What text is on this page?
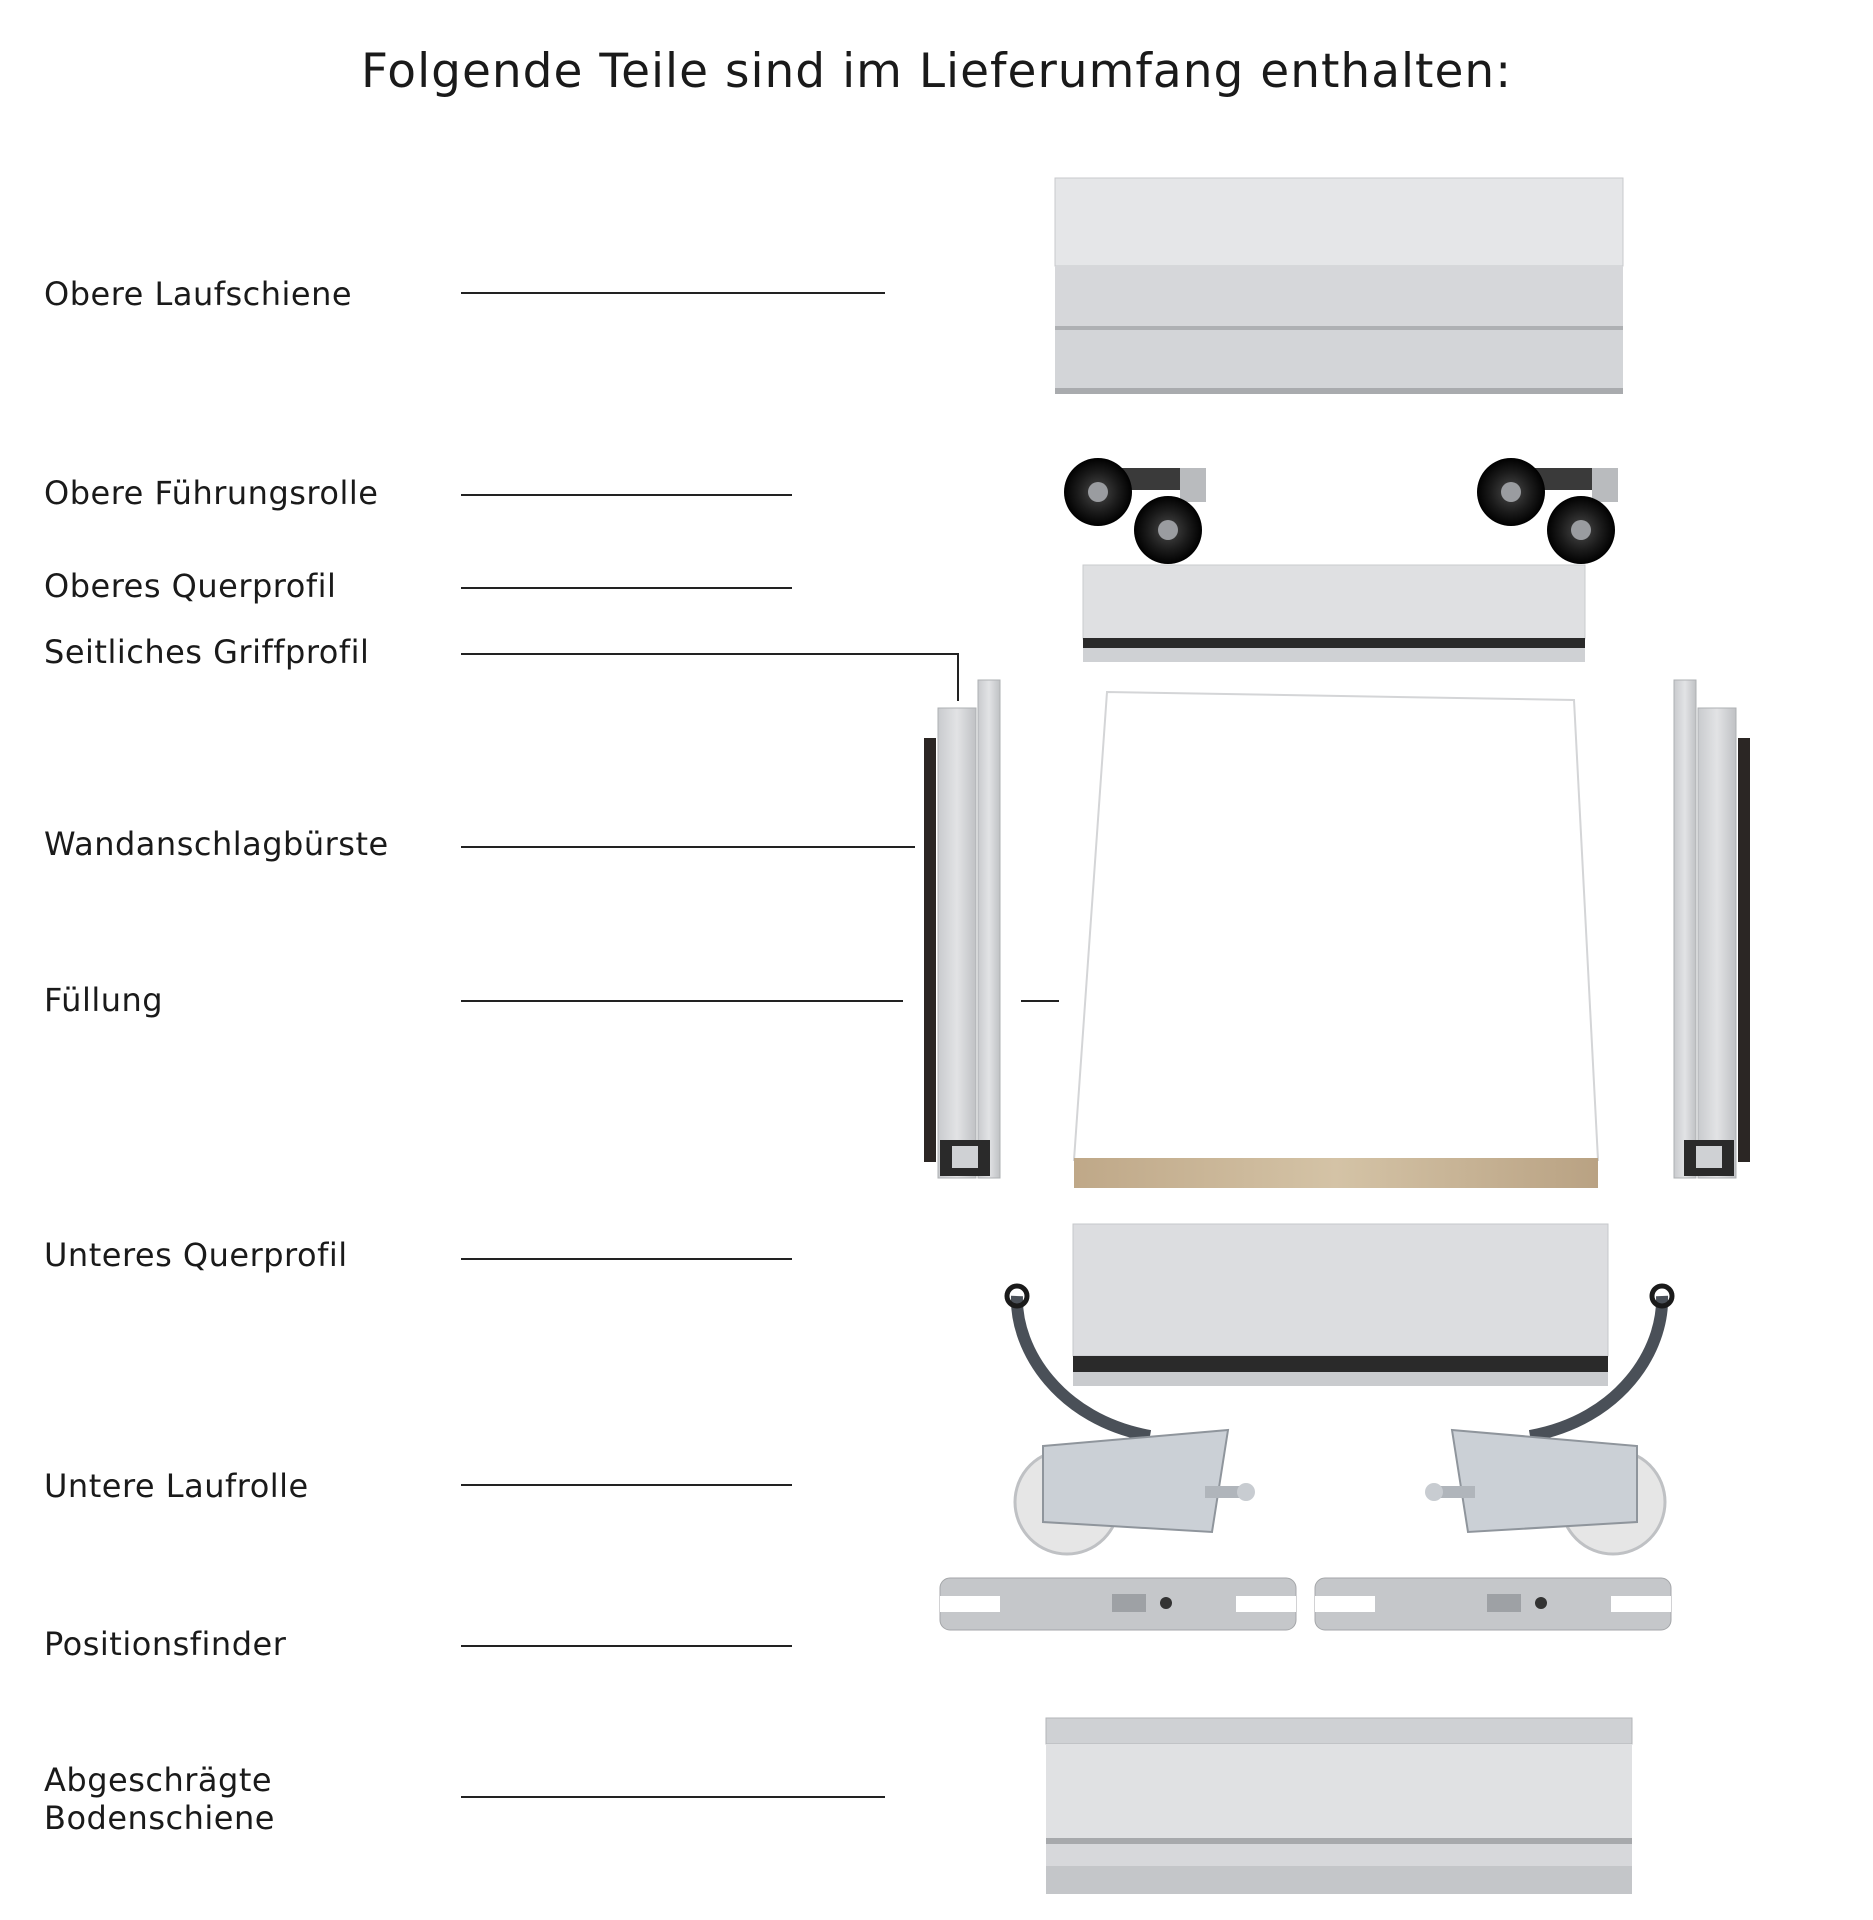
Folgende Teile sind im Lieferumfang enthalten:
Obere Laufschiene
Obere Führungsrolle
Oberes Querprofil
Seitliches Griffprofil
Wandanschlagbürste
Füllung
Unteres Querprofil
Untere Laufrolle
Positionsfinder
Abgeschrägte
Bodenschiene
